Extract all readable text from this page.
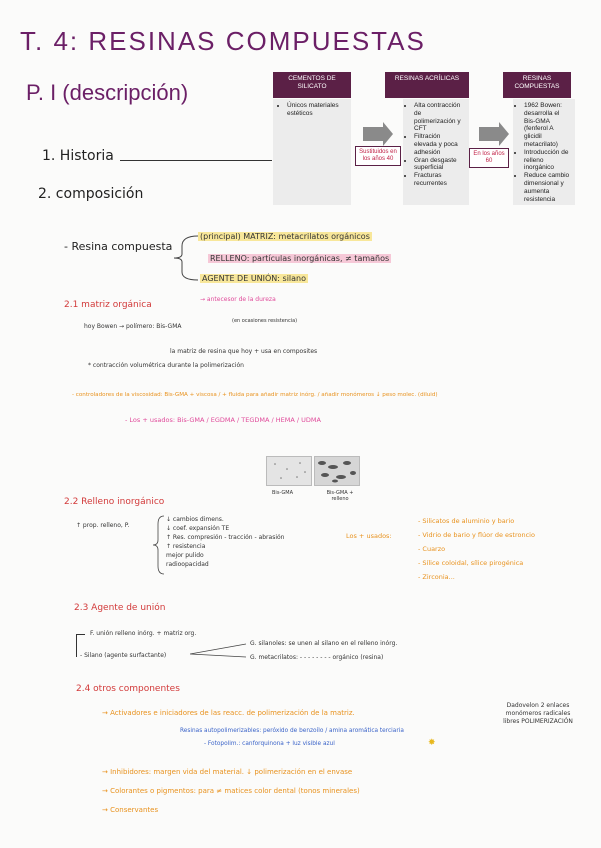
T. 4: RESINAS COMPUESTAS
P. I (descripción)
1. Historia
2. composición
CEMENTOS DE SILICATO
• Únicos materiales estéticos
Sustituidos en los años 40
RESINAS ACRÍLICAS
• Alta contracción de polimerización y CFT
• Filtración elevada y poca adhesión
• Gran desgaste superficial
• Fracturas recurrentes
En los años 60
RESINAS COMPUESTAS
• 1962 Bowen: desarrolla el Bis-GMA (fenferol A glicidil metacrilato)
• Introducción de relleno inorgánico
• Reduce cambio dimensional y aumenta resistencia
- Resina compuesta
(principal) MATRIZ: metacrilatos orgánicos
RELLENO: partículas inorgánicas, ≠ tamaños
AGENTE DE UNIÓN: silano
2.1 matriz orgánica
→ antecesor de la dureza
hoy Bowen → polímero: Bis-GMA
(en ocasiones resistencia)
la matriz de resina que hoy + usa en composites
* contracción volumétrica durante la polimerización
- controladores de la viscosidad: Bis-GMA + viscosa / + fluida para añadir matriz inórg. / añadir monómeros ↓ peso molec. (diluid)
- Los + usados: Bis-GMA / EGDMA / TEGDMA / HEMA / UDMA
Bis-GMA	Bis-GMA + relleno
2.2 Relleno inorgánico
↑ prop. relleno, P.
↓ cambios dimens.
↓ coef. expansión TE
↑ Res. compresión - tracción - abrasión
↑ resistencia
mejor pulido
radioopacidad
Los + usados:
- Silicatos de aluminio y bario
- Vidrio de bario y flúor de estroncio
- Cuarzo
- Sílice coloidal, sílice pirogénica
- Zirconia...
2.3 Agente de unión
F. unión relleno inórg. + matriz org.
- Silano (agente surfactante)
G. silanoles: se unen al silano en el relleno inórg.
G. metacrilatos: - - - - - - - - orgánico (resina)
2.4 otros componentes
→ Activadores e iniciadores de las reacc. de polimerización de la matriz.
Dadovelon 2 enlaces monómeros radicales libres POLIMERIZACIÓN
Resinas autopolimerizables: peróxido de benzoílo / amina aromática terciaria
- Fotopolim.: canforquinona + luz visible azul	✸
→ Inhibidores: margen vida del material. ↓ polimerización en el envase
→ Colorantes o pigmentos: para ≠ matices color dental (tonos minerales)
→ Conservantes
